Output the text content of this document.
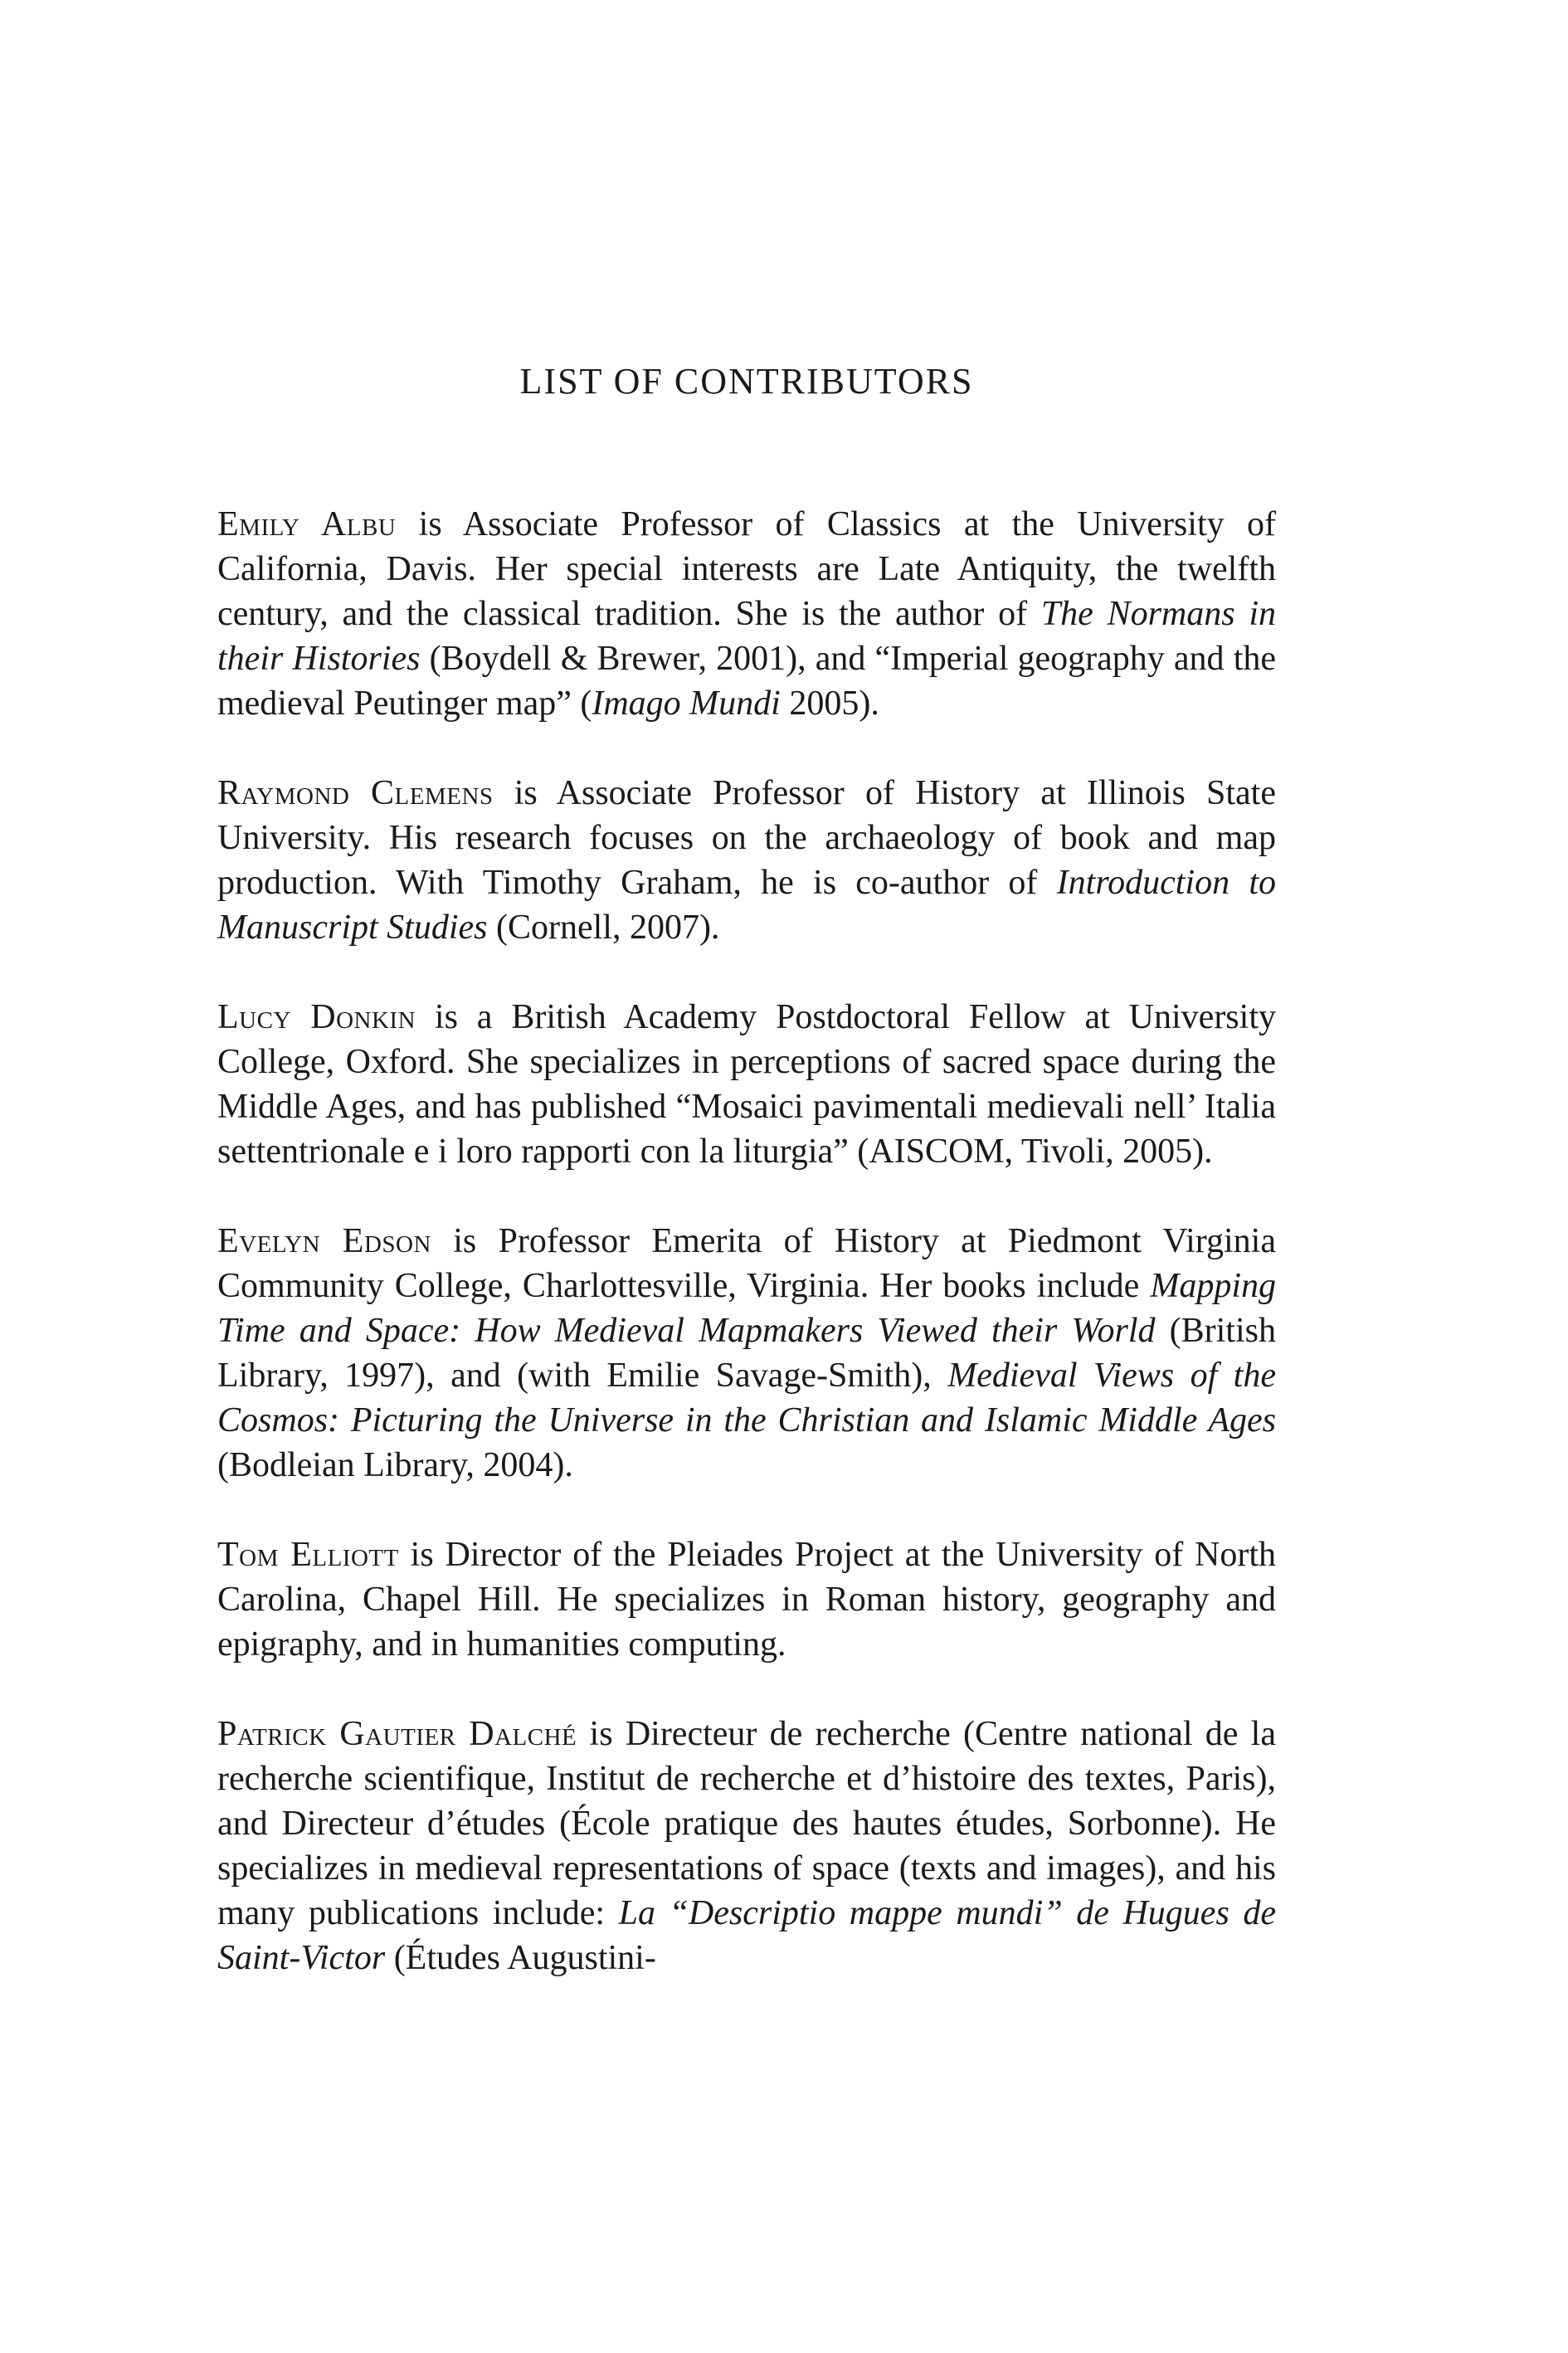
LIST OF CONTRIBUTORS

Emily Albu is Associate Professor of Classics at the University of California, Davis. Her special interests are Late Antiquity, the twelfth century, and the classical tradition. She is the author of The Normans in their Histories (Boydell & Brewer, 2001), and “Imperial geography and the medieval Peutinger map” (Imago Mundi 2005).

Raymond Clemens is Associate Professor of History at Illinois State University. His research focuses on the archaeology of book and map production. With Timothy Graham, he is co-author of Introduction to Manuscript Studies (Cornell, 2007).

Lucy Donkin is a British Academy Postdoctoral Fellow at University College, Oxford. She specializes in perceptions of sacred space during the Middle Ages, and has published “Mosaici pavimentali medievali nell’ Italia settentrionale e i loro rapporti con la liturgia” (AISCOM, Tivoli, 2005).

Evelyn Edson is Professor Emerita of History at Piedmont Virginia Community College, Charlottesville, Virginia. Her books include Mapping Time and Space: How Medieval Mapmakers Viewed their World (British Library, 1997), and (with Emilie Savage-Smith), Medieval Views of the Cosmos: Picturing the Universe in the Christian and Islamic Middle Ages (Bodleian Library, 2004).

Tom Elliott is Director of the Pleiades Project at the University of North Carolina, Chapel Hill. He specializes in Roman history, geography and epigraphy, and in humanities computing.

Patrick Gautier Dalché is Directeur de recherche (Centre national de la recherche scientifique, Institut de recherche et d’histoire des textes, Paris), and Directeur d’études (École pratique des hautes études, Sorbonne). He specializes in medieval representations of space (texts and images), and his many publications include: La “Descriptio mappe mundi” de Hugues de Saint-Victor (Études Augustini-
